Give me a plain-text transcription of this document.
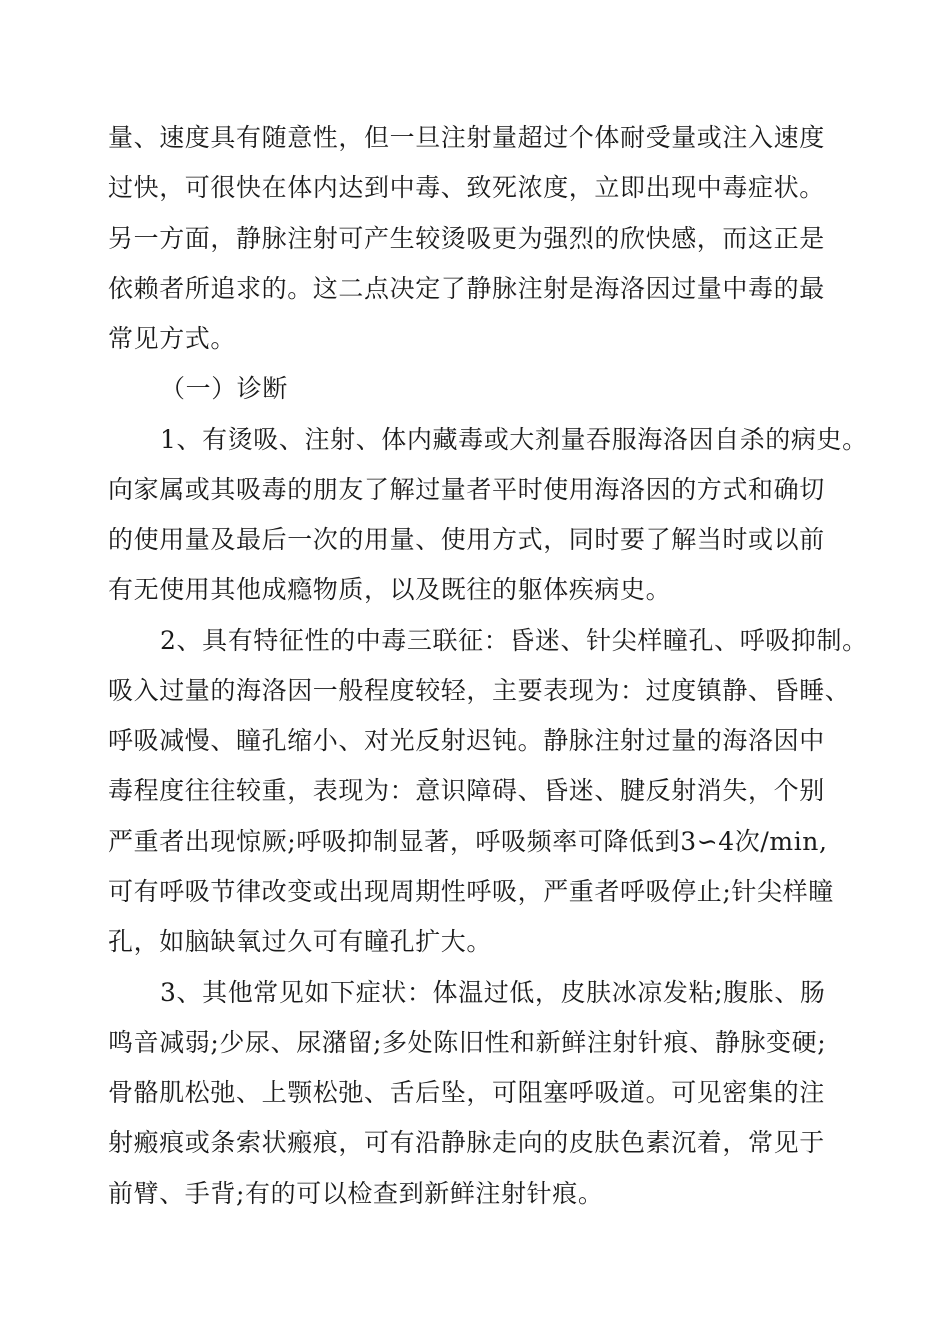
量、速度具有随意性，但一旦注射量超过个体耐受量或注入速度
过快，可很快在体内达到中毒、致死浓度，立即出现中毒症状。
另一方面，静脉注射可产生较烫吸更为强烈的欣快感，而这正是
依赖者所追求的。这二点决定了静脉注射是海洛因过量中毒的最
常见方式。
（一）诊断
1、有烫吸、注射、体内藏毒或大剂量吞服海洛因自杀的病史。
向家属或其吸毒的朋友了解过量者平时使用海洛因的方式和确切
的使用量及最后一次的用量、使用方式，同时要了解当时或以前
有无使用其他成瘾物质，以及既往的躯体疾病史。
2、具有特征性的中毒三联征：昏迷、针尖样瞳孔、呼吸抑制。
吸入过量的海洛因一般程度较轻，主要表现为：过度镇静、昏睡、
呼吸减慢、瞳孔缩小、对光反射迟钝。静脉注射过量的海洛因中
毒程度往往较重，表现为：意识障碍、昏迷、腱反射消失，个别
严重者出现惊厥;呼吸抑制显著，呼吸频率可降低到3∽4次/min,
可有呼吸节律改变或出现周期性呼吸，严重者呼吸停止;针尖样瞳
孔，如脑缺氧过久可有瞳孔扩大。
3、其他常见如下症状：体温过低，皮肤冰凉发粘;腹胀、肠
鸣音减弱;少尿、尿潴留;多处陈旧性和新鲜注射针痕、静脉变硬;
骨骼肌松弛、上颚松弛、舌后坠，可阻塞呼吸道。可见密集的注
射瘢痕或条索状瘢痕，可有沿静脉走向的皮肤色素沉着，常见于
前臂、手背;有的可以检查到新鲜注射针痕。
